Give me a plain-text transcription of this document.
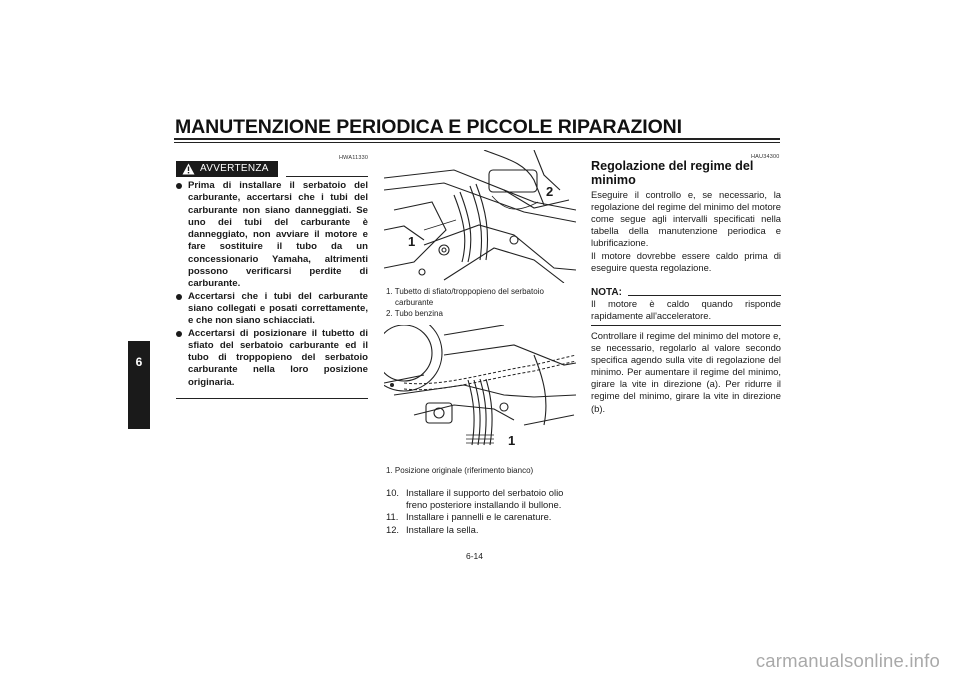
MANUTENZIONE PERIODICA E PICCOLE RIPARAZIONI
6
HWA11330
AVVERTENZA
Prima di installare il serbatoio del carburante, accertarsi che i tubi del carburante non siano danneggiati. Se uno dei tubi del carburante è danneggiato, non avviare il motore e fare sostituire il tubo da un concessionario Yamaha, altrimenti possono verificarsi perdite di carburante.
Accertarsi che i tubi del carburante siano collegati e posati correttamente, e che non siano schiacciati.
Accertarsi di posizionare il tubetto di sfiato del serbatoio carburante ed il tubo di troppopieno del serbatoio carburante nella loro posizione originaria.
2
1
1. Tubetto di sfiato/troppopieno del serbatoio
carburante
2. Tubo benzina
1
1. Posizione originale (riferimento bianco)
10. Installare il supporto del serbatoio olio
freno posteriore installando il bullone.
11. Installare i pannelli e le carenature.
12. Installare la sella.
6-14
HAU34300
Regolazione del regime del
minimo
Eseguire il controllo e, se necessario, la regolazione del regime del minimo del motore come segue agli intervalli specificati nella tabella della manutenzione periodica e lubrificazione.
Il motore dovrebbe essere caldo prima di eseguire questa regolazione.
NOTA:
Il motore è caldo quando risponde rapidamente all'acceleratore.
Controllare il regime del minimo del motore e, se necessario, regolarlo al valore secondo specifica agendo sulla vite di regolazione del minimo. Per aumentare il regime del minimo, girare la vite in direzione (a). Per ridurre il regime del minimo, girare la vite in direzione (b).
carmanualsonline.info
